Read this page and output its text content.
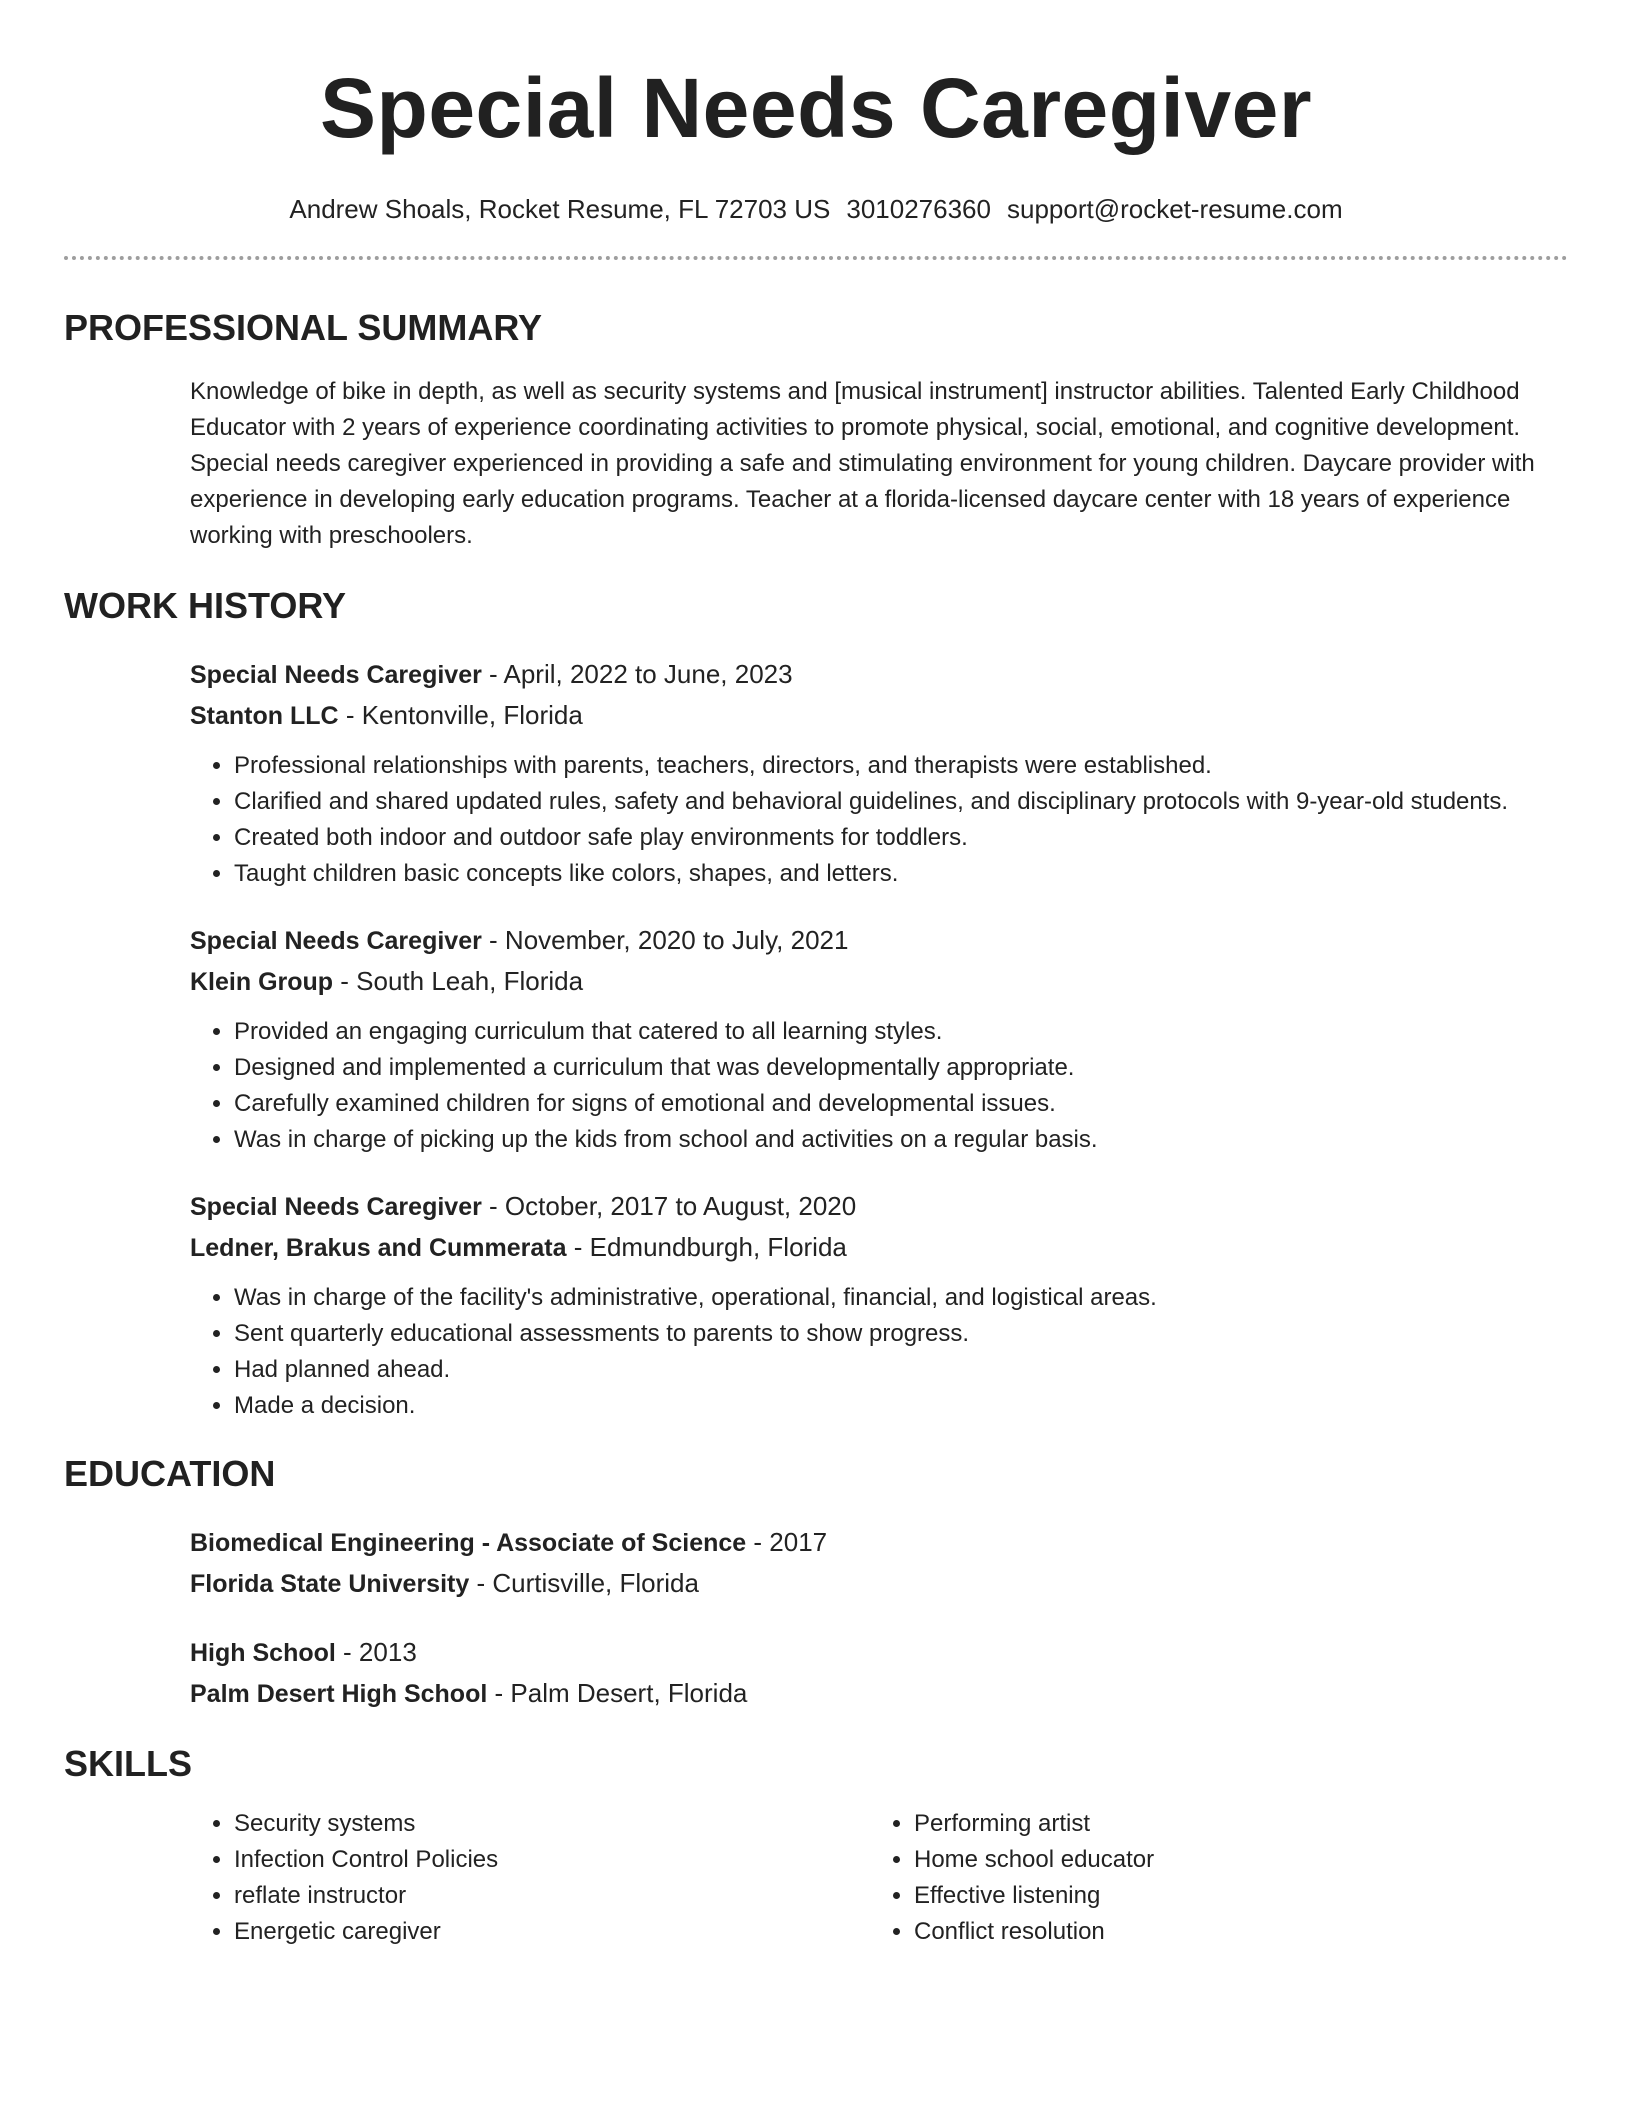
Special Needs Caregiver
Andrew Shoals, Rocket Resume, FL 72703 US 3010276360 support@rocket-resume.com
PROFESSIONAL SUMMARY

Knowledge of bike in depth, as well as security systems and [musical instrument] instructor abilities. Talented Early Childhood Educator with 2 years of experience coordinating activities to promote physical, social, emotional, and cognitive development. Special needs caregiver experienced in providing a safe and stimulating environment for young children. Daycare provider with experience in developing early education programs. Teacher at a florida-licensed daycare center with 18 years of experience working with preschoolers.

WORK HISTORY
Special Needs Caregiver - April, 2022 to June, 2023
Stanton LLC - Kentonville, Florida
• Professional relationships with parents, teachers, directors, and therapists were established.
• Clarified and shared updated rules, safety and behavioral guidelines, and disciplinary protocols with 9-year-old students.
• Created both indoor and outdoor safe play environments for toddlers.
• Taught children basic concepts like colors, shapes, and letters.
Special Needs Caregiver - November, 2020 to July, 2021
Klein Group - South Leah, Florida
• Provided an engaging curriculum that catered to all learning styles.
• Designed and implemented a curriculum that was developmentally appropriate.
• Carefully examined children for signs of emotional and developmental issues.
• Was in charge of picking up the kids from school and activities on a regular basis.
Special Needs Caregiver - October, 2017 to August, 2020
Ledner, Brakus and Cummerata - Edmundburgh, Florida
• Was in charge of the facility's administrative, operational, financial, and logistical areas.
• Sent quarterly educational assessments to parents to show progress.
• Had planned ahead.
• Made a decision.
EDUCATION
Biomedical Engineering - Associate of Science - 2017
Florida State University - Curtisville, Florida
High School - 2013
Palm Desert High School - Palm Desert, Florida
SKILLS
• Security systems
• Infection Control Policies
• reflate instructor
• Energetic caregiver
• Performing artist
• Home school educator
• Effective listening
• Conflict resolution
